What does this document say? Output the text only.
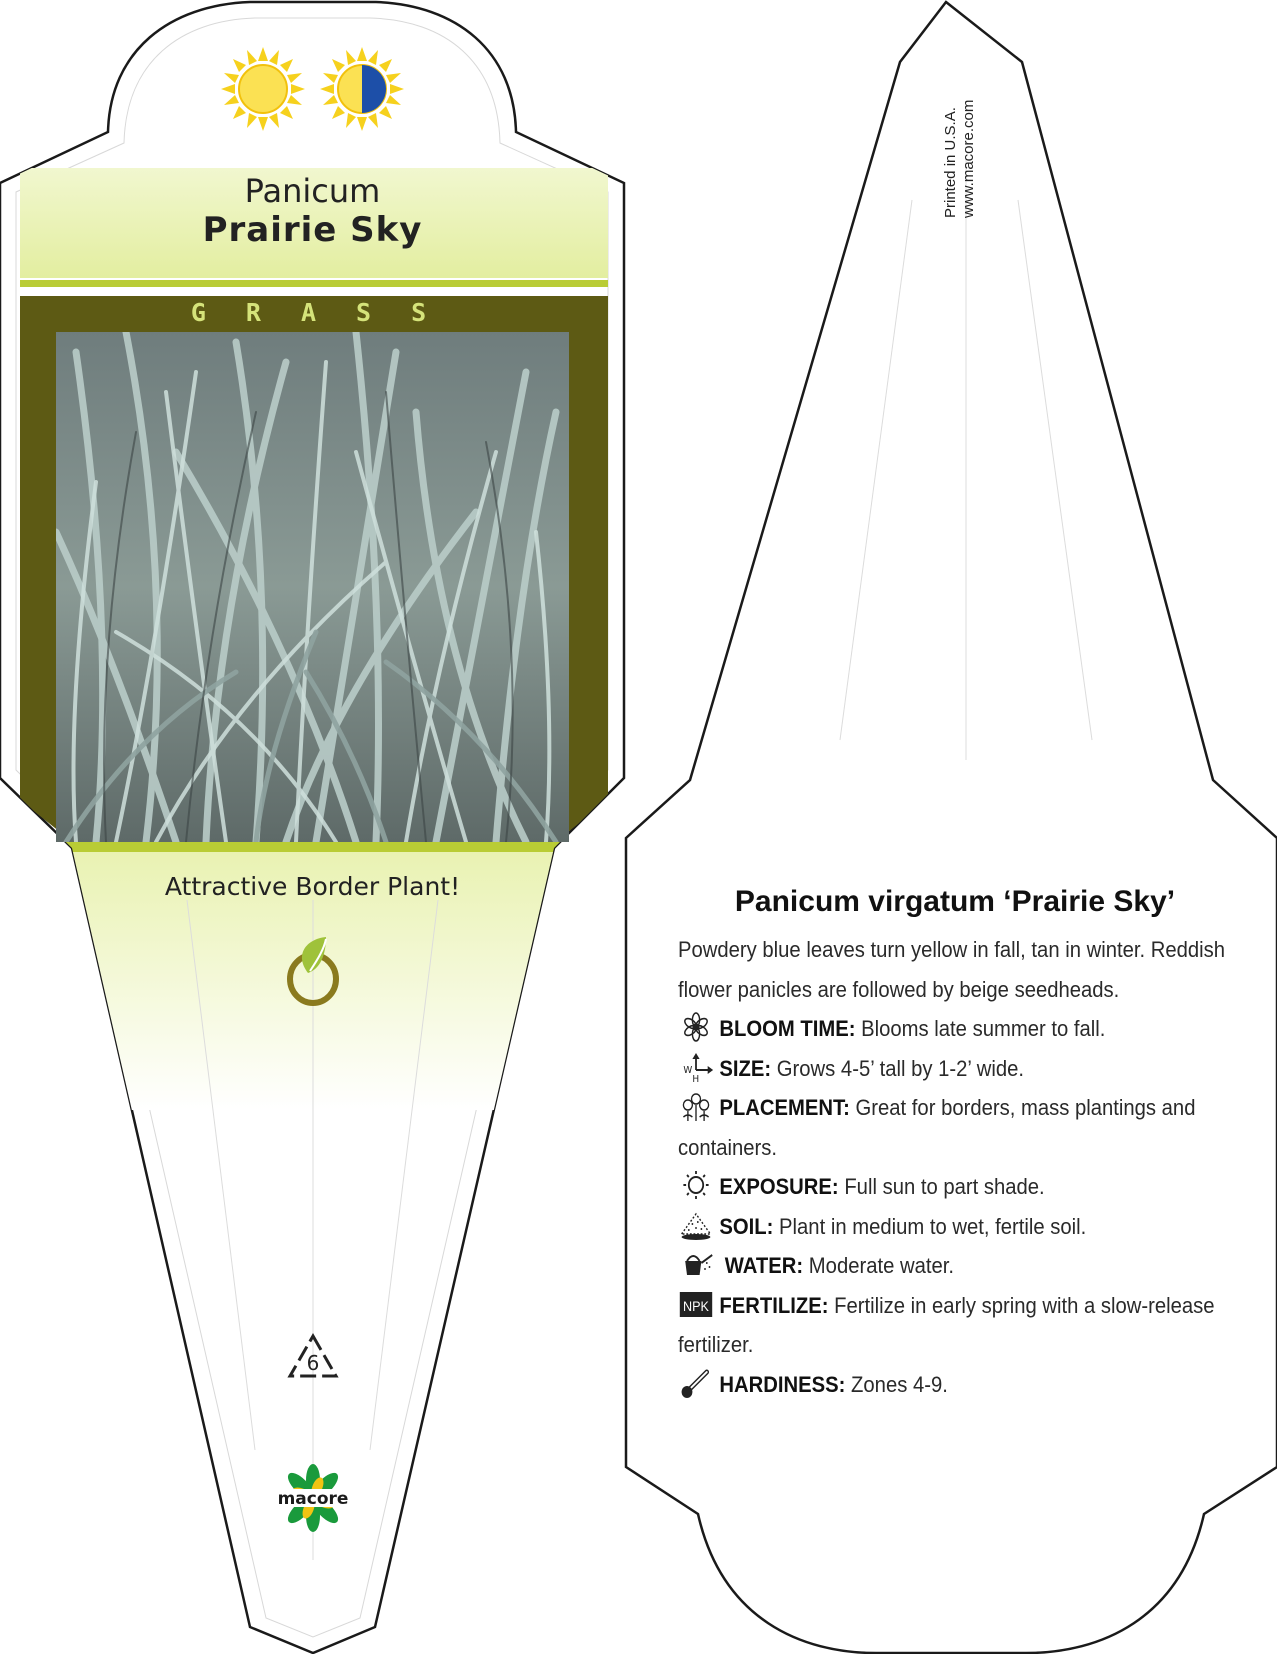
Panicum
Prairie Sky
GRASS
Attractive Border Plant!
6
macore
Printed in U.S.A. www.macore.com
Panicum virgatum ‘Prairie Sky’

Powdery blue leaves turn yellow in fall, tan in winter. Reddish flower panicles are followed by beige seedheads.

BLOOM TIME: Blooms late summer to fall.

W
H SIZE: Grows 4-5’ tall by 1-2’ wide.

PLACEMENT: Great for borders, mass plantings and containers.

EXPOSURE: Full sun to part shade.

SOIL: Plant in medium to wet, fertile soil.

WATER: Moderate water.

NPK FERTILIZE: Fertilize in early spring with a slow-release fertilizer.

HARDINESS: Zones 4-9.
